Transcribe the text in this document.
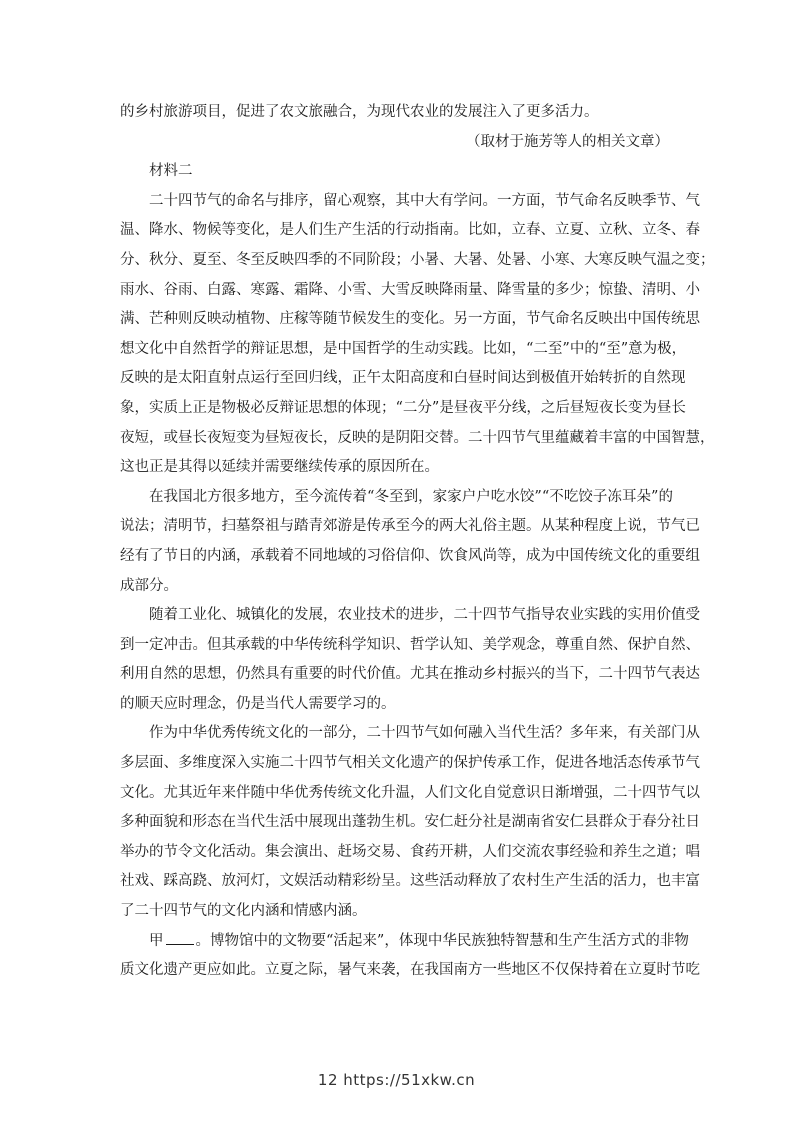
的乡村旅游项目，促进了农文旅融合，为现代农业的发展注入了更多活力。
（取材于施芳等人的相关文章）
材料二
二十四节气的命名与排序，留心观察，其中大有学问。一方面，节气命名反映季节、气
温、降水、物候等变化，是人们生产生活的行动指南。比如，立春、立夏、立秋、立冬、春
分、秋分、夏至、冬至反映四季的不同阶段；小暑、大暑、处暑、小寒、大寒反映气温之变；
雨水、谷雨、白露、寒露、霜降、小雪、大雪反映降雨量、降雪量的多少；惊蛰、清明、小
满、芒种则反映动植物、庄稼等随节候发生的变化。另一方面，节气命名反映出中国传统思
想文化中自然哲学的辩证思想，是中国哲学的生动实践。比如，“二至”中的“至”意为极，
反映的是太阳直射点运行至回归线，正午太阳高度和白昼时间达到极值开始转折的自然现
象，实质上正是物极必反辩证思想的体现；“二分”是昼夜平分线，之后昼短夜长变为昼长
夜短，或昼长夜短变为昼短夜长，反映的是阴阳交替。二十四节气里蕴藏着丰富的中国智慧，
这也正是其得以延续并需要继续传承的原因所在。
在我国北方很多地方，至今流传着“冬至到，家家户户吃水饺”“不吃饺子冻耳朵”的
说法；清明节，扫墓祭祖与踏青郊游是传承至今的两大礼俗主题。从某种程度上说，节气已
经有了节日的内涵，承载着不同地域的习俗信仰、饮食风尚等，成为中国传统文化的重要组
成部分。
随着工业化、城镇化的发展，农业技术的进步，二十四节气指导农业实践的实用价值受
到一定冲击。但其承载的中华传统科学知识、哲学认知、美学观念，尊重自然、保护自然、
利用自然的思想，仍然具有重要的时代价值。尤其在推动乡村振兴的当下，二十四节气表达
的顺天应时理念，仍是当代人需要学习的。
作为中华优秀传统文化的一部分，二十四节气如何融入当代生活？多年来，有关部门从
多层面、多维度深入实施二十四节气相关文化遗产的保护传承工作，促进各地活态传承节气
文化。尤其近年来伴随中华优秀传统文化升温，人们文化自觉意识日渐增强，二十四节气以
多种面貌和形态在当代生活中展现出蓬勃生机。安仁赶分社是湖南省安仁县群众于春分社日
举办的节令文化活动。集会演出、赶场交易、食药开耕，人们交流农事经验和养生之道；唱
社戏、踩高跷、放河灯，文娱活动精彩纷呈。这些活动释放了农村生产生活的活力，也丰富
了二十四节气的文化内涵和情感内涵。
甲 。博物馆中的文物要“活起来”，体现中华民族独特智慧和生产生活方式的非物
质文化遗产更应如此。立夏之际，暑气来袭，在我国南方一些地区不仅保持着在立夏时节吃
12 https://51xkw.cn
